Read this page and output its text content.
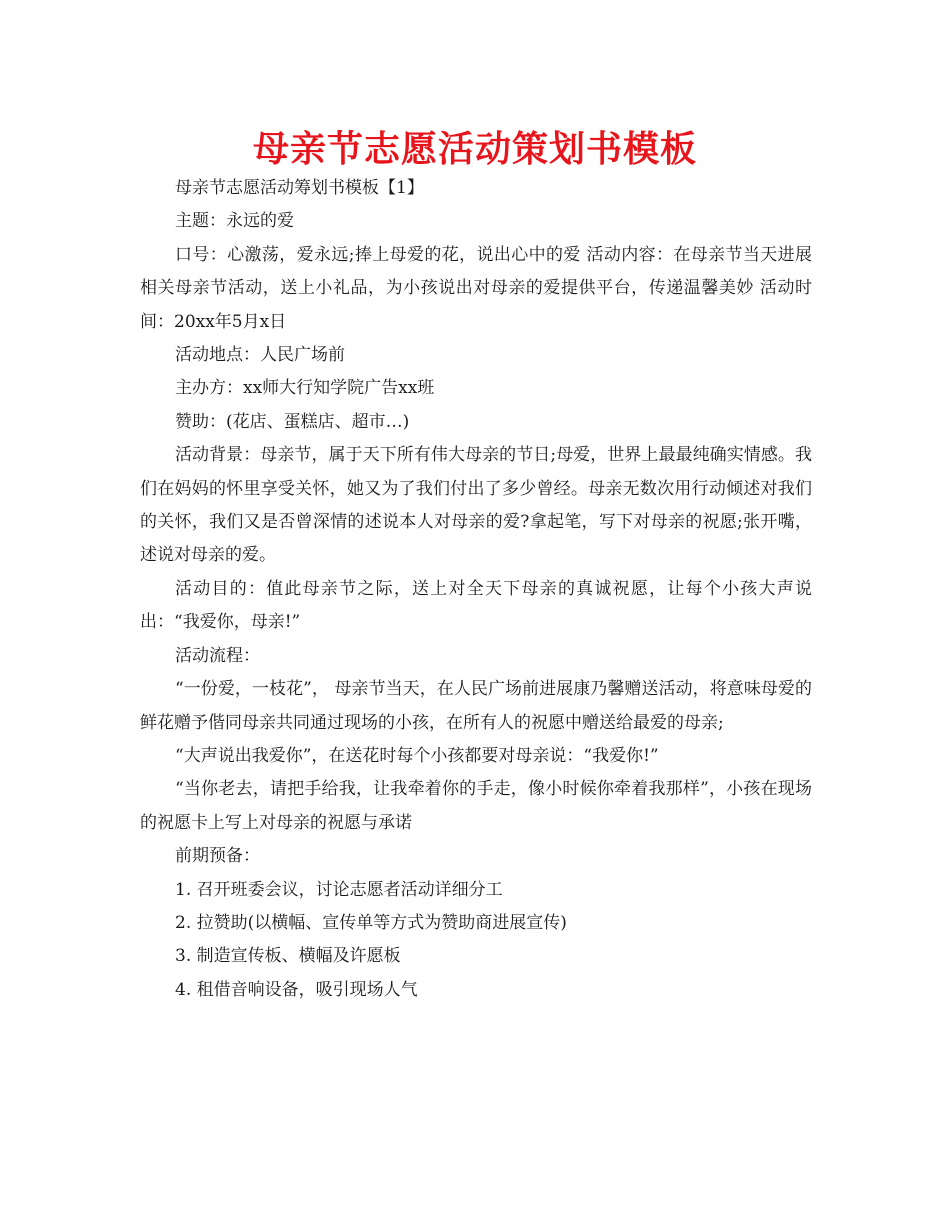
母亲节志愿活动策划书模板

母亲节志愿活动筹划书模板【1】

主题：永远的爱

口号：心激荡，爱永远;捧上母爱的花，说出心中的爱 活动内容：在母亲节当天进展相关母亲节活动，送上小礼品，为小孩说出对母亲的爱提供平台，传递温馨美妙 活动时间：20xx年5月x日

活动地点：人民广场前

主办方：xx师大行知学院广告xx班

赞助：(花店、蛋糕店、超市…)

活动背景：母亲节，属于天下所有伟大母亲的节日;母爱，世界上最最纯确实情感。我们在妈妈的怀里享受关怀，她又为了我们付出了多少曾经。母亲无数次用行动倾述对我们的关怀，我们又是否曾深情的述说本人对母亲的爱?拿起笔，写下对母亲的祝愿;张开嘴，述说对母亲的爱。

活动目的：值此母亲节之际，送上对全天下母亲的真诚祝愿，让每个小孩大声说出：“我爱你，母亲!”

活动流程：

“一份爱，一枝花”， 母亲节当天，在人民广场前进展康乃馨赠送活动，将意味母爱的鲜花赠予偕同母亲共同通过现场的小孩，在所有人的祝愿中赠送给最爱的母亲;

“大声说出我爱你”，在送花时每个小孩都要对母亲说：“我爱你!”

“当你老去，请把手给我，让我牵着你的手走，像小时候你牵着我那样”，小孩在现场的祝愿卡上写上对母亲的祝愿与承诺

前期预备：

1. 召开班委会议，讨论志愿者活动详细分工

2. 拉赞助(以横幅、宣传单等方式为赞助商进展宣传)

3. 制造宣传板、横幅及许愿板

4. 租借音响设备，吸引现场人气
